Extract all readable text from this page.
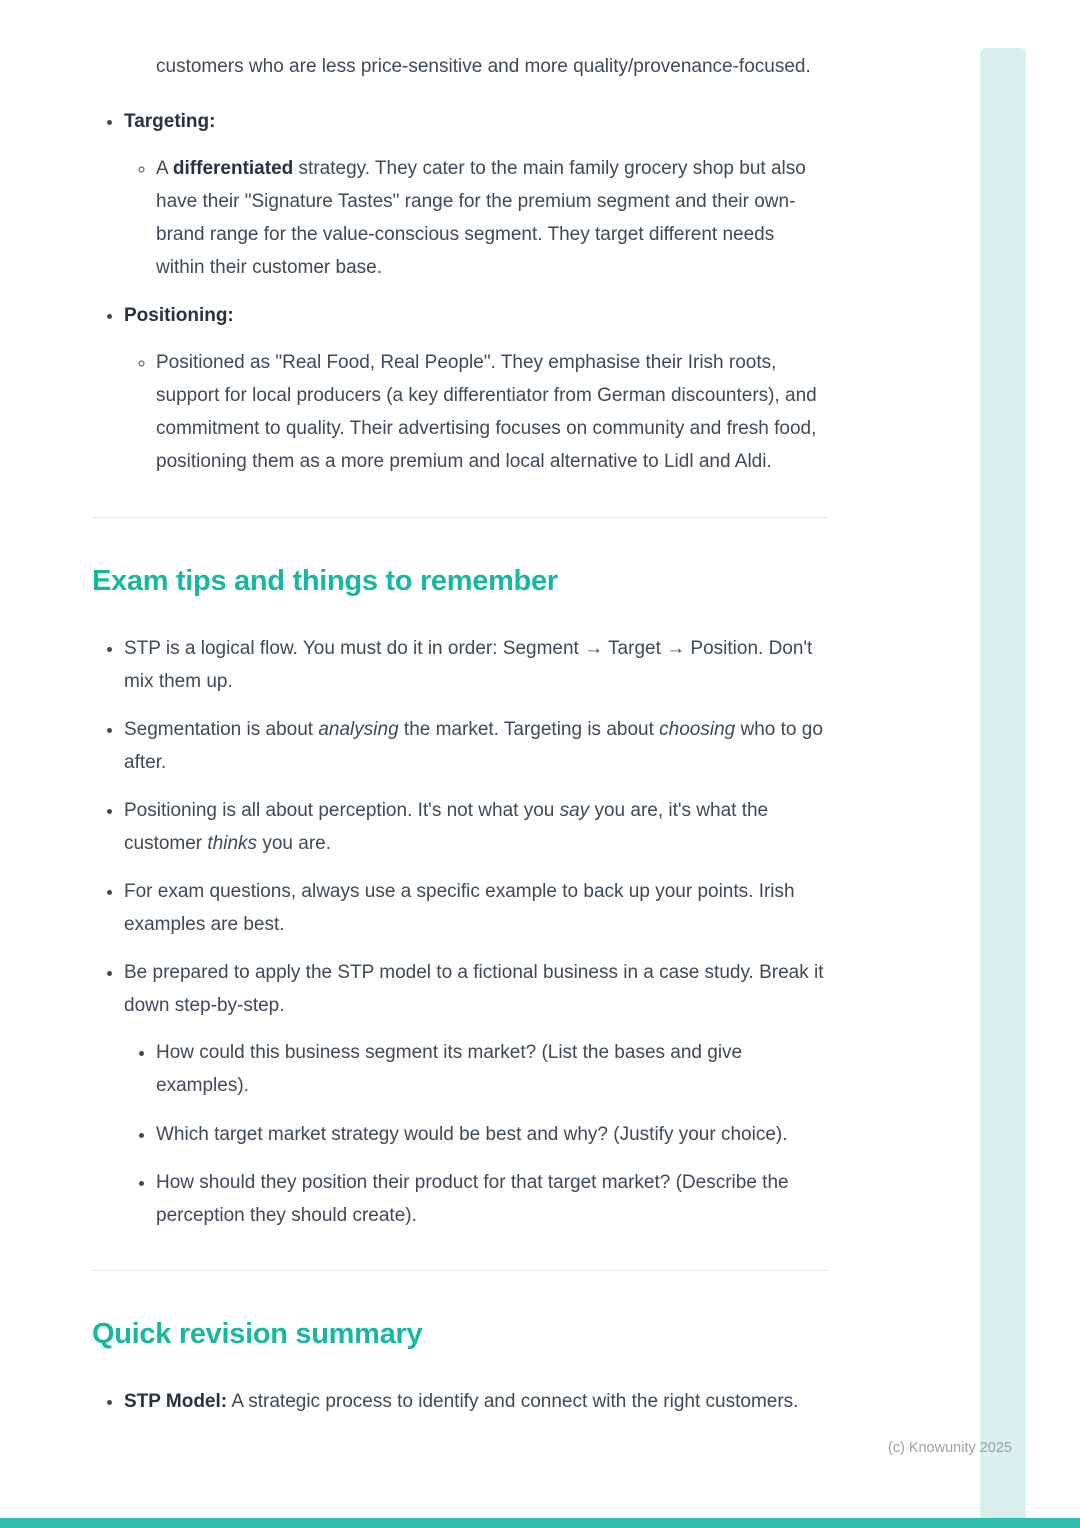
customers who are less price-sensitive and more quality/provenance-focused.

• Targeting:
◦ A differentiated strategy. They cater to the main family grocery shop but also have their "Signature Tastes" range for the premium segment and their own-brand range for the value-conscious segment. They target different needs within their customer base.
• Positioning:
◦ Positioned as "Real Food, Real People". They emphasise their Irish roots, support for local producers (a key differentiator from German discounters), and commitment to quality. Their advertising focuses on community and fresh food, positioning them as a more premium and local alternative to Lidl and Aldi.
Exam tips and things to remember
• STP is a logical flow. You must do it in order: Segment → Target → Position. Don't mix them up.
• Segmentation is about analysing the market. Targeting is about choosing who to go after.
• Positioning is all about perception. It's not what you say you are, it's what the customer thinks you are.
• For exam questions, always use a specific example to back up your points. Irish examples are best.
• Be prepared to apply the STP model to a fictional business in a case study. Break it down step-by-step.
• How could this business segment its market? (List the bases and give examples).
• Which target market strategy would be best and why? (Justify your choice).
• How should they position their product for that target market? (Describe the perception they should create).
Quick revision summary
• STP Model: A strategic process to identify and connect with the right customers.
(c) Knowunity 2025
